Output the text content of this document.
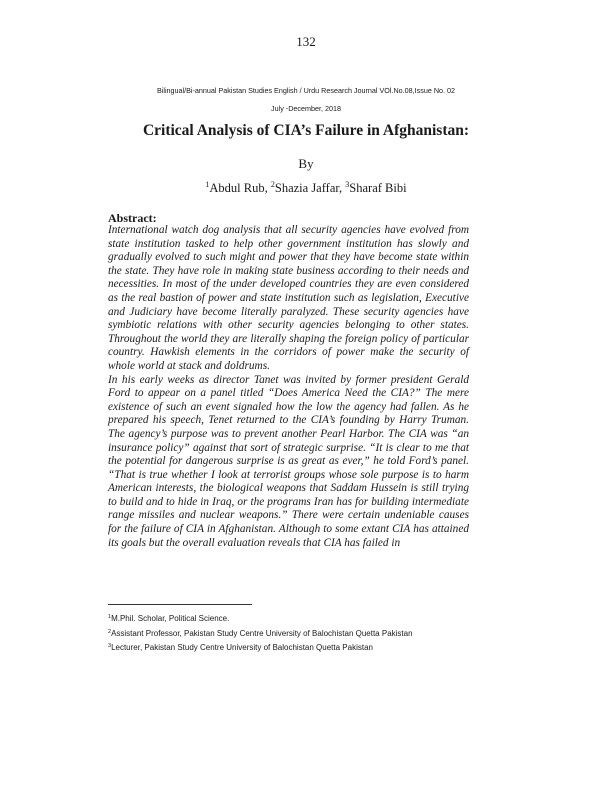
132
Bilingual/Bi-annual Pakistan Studies English / Urdu Research Journal VOl.No.08,Issue No. 02
July -December, 2018
Critical Analysis of CIA’s Failure in Afghanistan:
By
$^1$Abdul Rub, $^2$Shazia Jaffar, $^3$Sharaf Bibi
Abstract:

International watch dog analysis that all security agencies have evolved from state institution tasked to help other government institution has slowly and gradually evolved to such might and power that they have become state within the state. They have role in making state business according to their needs and necessities. In most of the under developed countries they are even considered as the real bastion of power and state institution such as legislation, Executive and Judiciary have become literally paralyzed. These security agencies have symbiotic relations with other security agencies belonging to other states. Throughout the world they are literally shaping the foreign policy of particular country. Hawkish elements in the corridors of power make the security of whole world at stack and doldrums.

In his early weeks as director Tanet was invited by former president Gerald Ford to appear on a panel titled “Does America Need the CIA?” The mere existence of such an event signaled how the low the agency had fallen. As he prepared his speech, Tenet returned to the CIA’s founding by Harry Truman. The agency’s purpose was to prevent another Pearl Harbor. The CIA was “an insurance policy” against that sort of strategic surprise. “It is clear to me that the potential for dangerous surprise is as great as ever,” he told Ford’s panel. “That is true whether I look at terrorist groups whose sole purpose is to harm American interests, the biological weapons that Saddam Hussein is still trying to build and to hide in Iraq, or the programs Iran has for building intermediate range missiles and nuclear weapons.” There were certain undeniable causes for the failure of CIA in Afghanistan. Although to some extant CIA has attained its goals but the overall evaluation reveals that CIA has failed in

$^1$M.Phil. Scholar, Political Science.
$^2$Assistant Professor, Pakistan Study Centre University of Balochistan Quetta Pakistan
$^3$Lecturer, Pakistan Study Centre University of Balochistan Quetta Pakistan
